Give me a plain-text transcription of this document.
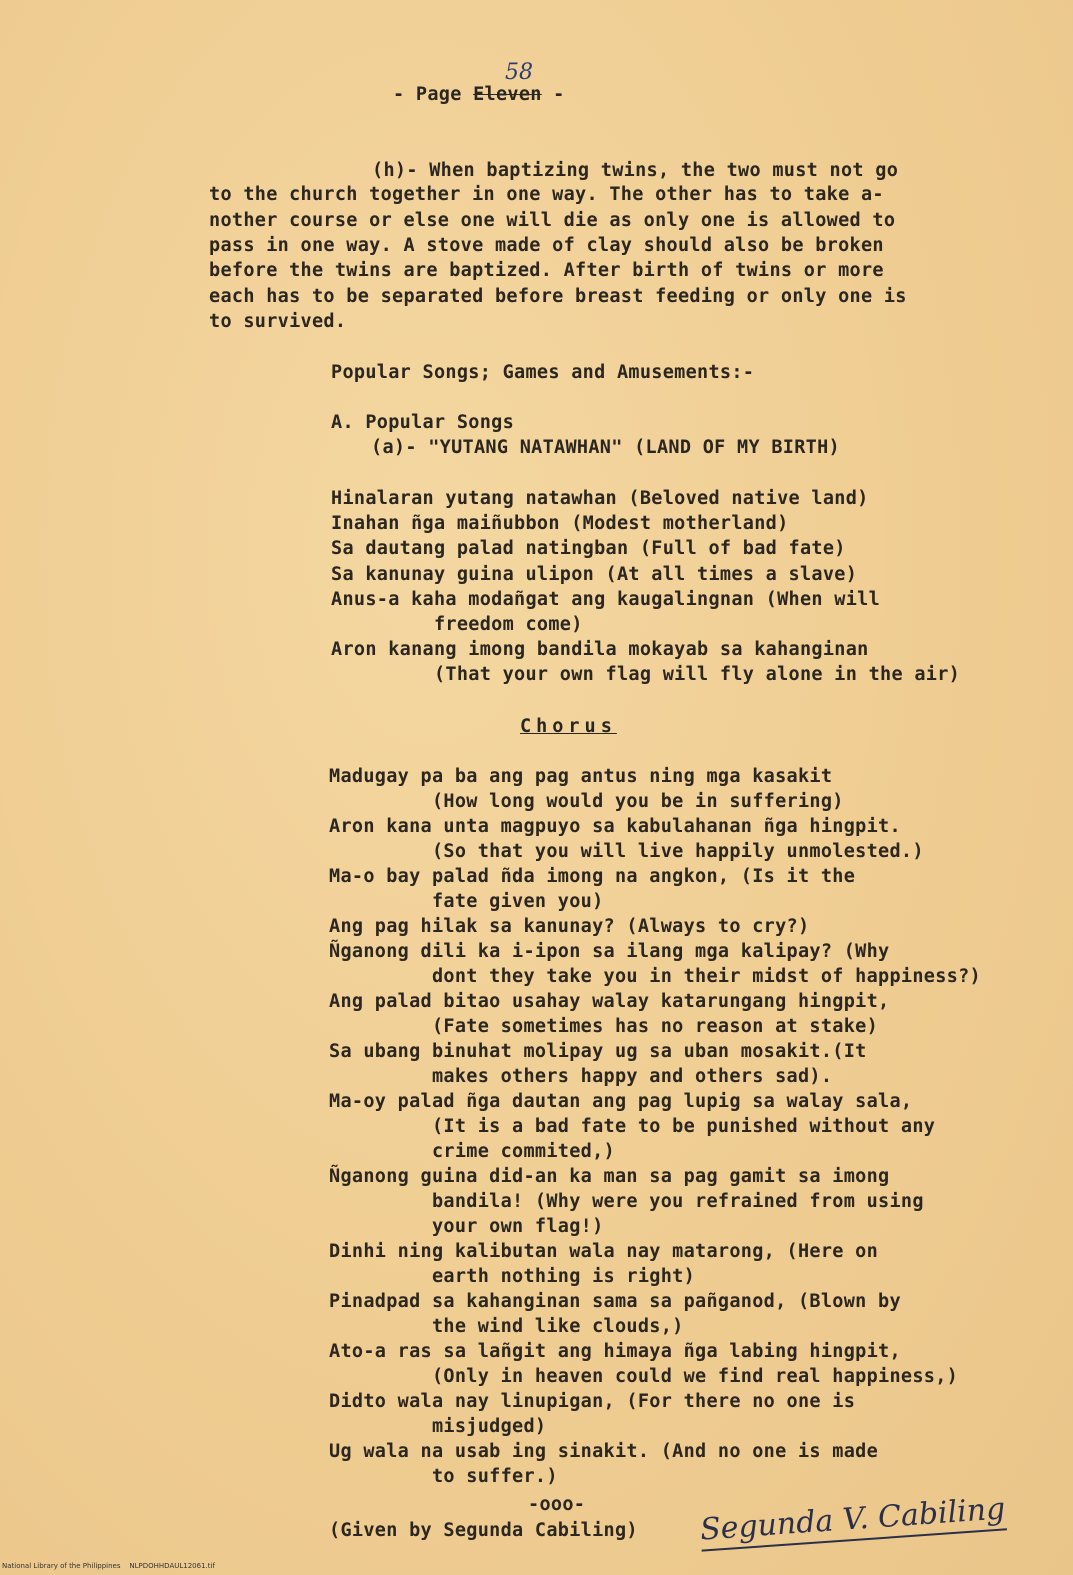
- Page Eleven -
58
(h)- When baptizing twins, the two must not go
to the church together in one way. The other has to take a-
nother course or else one will die as only one is allowed to
pass in one way. A stove made of clay should also be broken
before the twins are baptized. After birth of twins or more
each has to be separated before breast feeding or only one is
to survived.
Popular Songs; Games and Amusements:-
A. Popular Songs
(a)- "YUTANG NATAWHAN" (LAND OF MY BIRTH)
Hinalaran yutang natawhan (Beloved native land)
Inahan ñga maiñubbon (Modest motherland)
Sa dautang palad natingban (Full of bad fate)
Sa kanunay guina ulipon (At all times a slave)
Anus-a kaha modañgat ang kaugalingnan (When will
freedom come)
Aron kanang imong bandila mokayab sa kahanginan
(That your own flag will fly alone in the air)
Chorus
Madugay pa ba ang pag antus ning mga kasakit
(How long would you be in suffering)
Aron kana unta magpuyo sa kabulahanan ñga hingpit.
(So that you will live happily unmolested.)
Ma-o bay palad ñda imong na angkon, (Is it the
fate given you)
Ang pag hilak sa kanunay? (Always to cry?)
Ñganong dili ka i-ipon sa ilang mga kalipay? (Why
dont they take you in their midst of happiness?)
Ang palad bitao usahay walay katarungang hingpit,
(Fate sometimes has no reason at stake)
Sa ubang binuhat molipay ug sa uban mosakit.(It
makes others happy and others sad).
Ma-oy palad ñga dautan ang pag lupig sa walay sala,
(It is a bad fate to be punished without any
crime commited,)
Ñganong guina did-an ka man sa pag gamit sa imong
bandila! (Why were you refrained from using
your own flag!)
Dinhi ning kalibutan wala nay matarong, (Here on
earth nothing is right)
Pinadpad sa kahanginan sama sa pañganod, (Blown by
the wind like clouds,)
Ato-a ras sa lañgit ang himaya ñga labing hingpit,
(Only in heaven could we find real happiness,)
Didto wala nay linupigan, (For there no one is
misjudged)
Ug wala na usab ing sinakit. (And no one is made
to suffer.)
-ooo-
(Given by Segunda Cabiling) Segunda V. Cabiling
National Library of the Philippines    NLPDOHHDAUL12061.tif
